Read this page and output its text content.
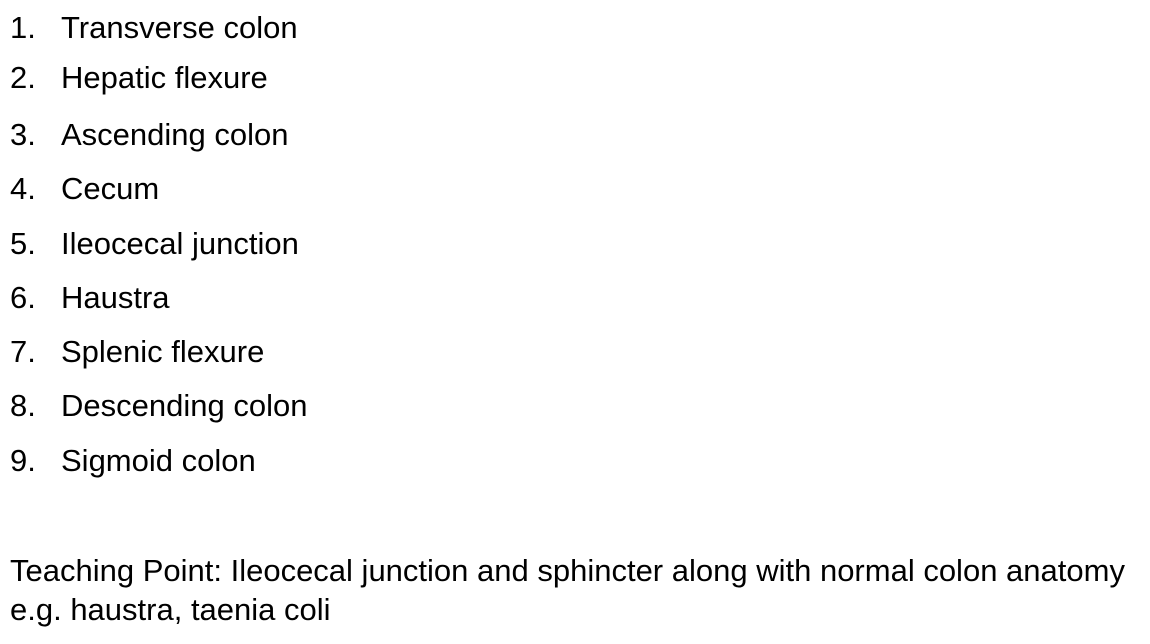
1. Transverse colon
2. Hepatic flexure
3. Ascending colon
4. Cecum
5. Ileocecal junction
6. Haustra
7. Splenic flexure
8. Descending colon
9. Sigmoid colon

Teaching Point: Ileocecal junction and sphincter along with normal colon anatomy e.g. haustra, taenia coli
